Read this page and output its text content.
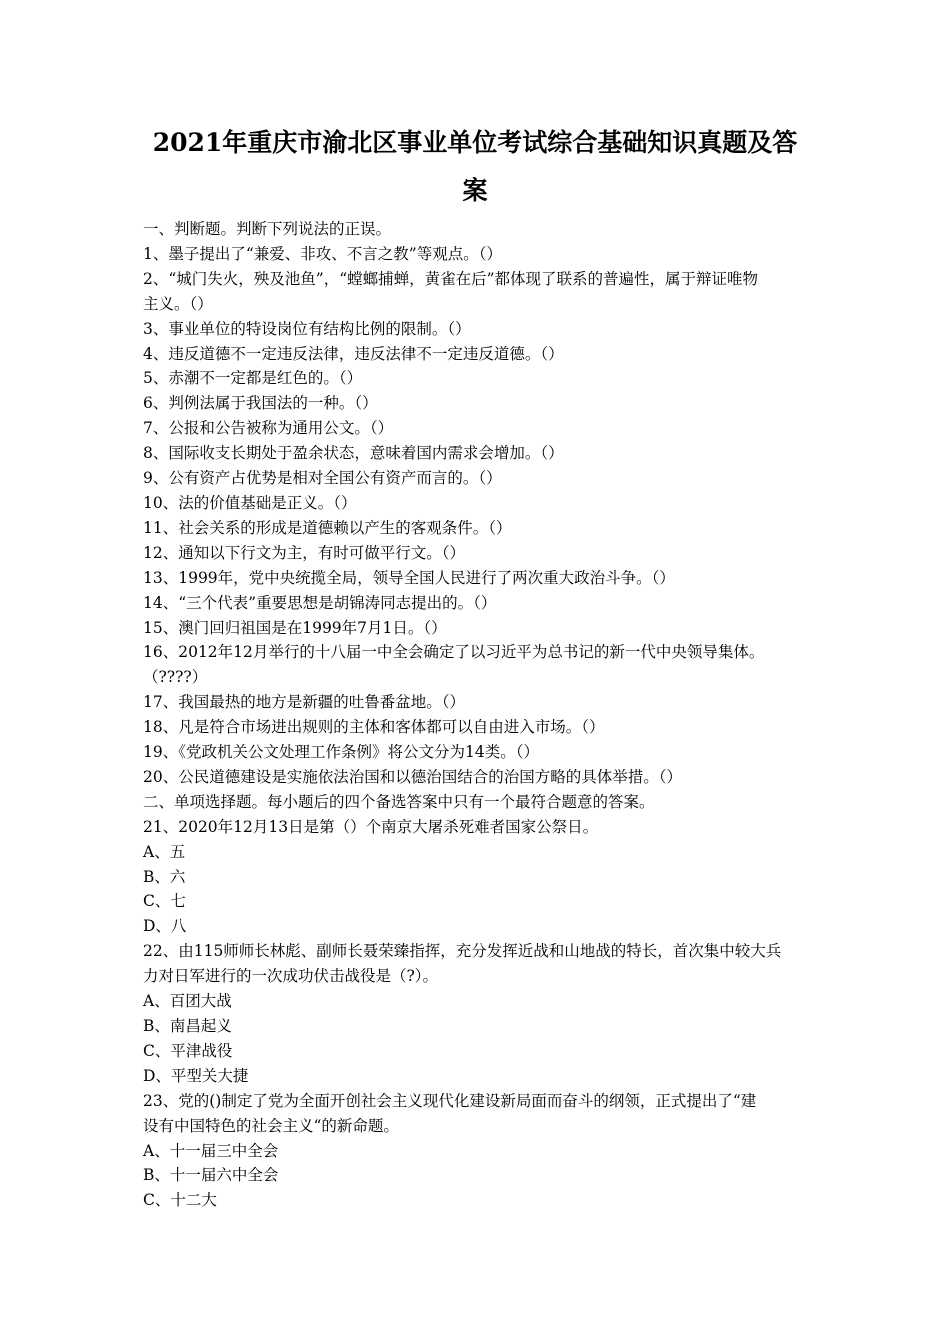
2021年重庆市渝北区事业单位考试综合基础知识真题及答
案

一、判断题。判断下列说法的正误。

1、墨子提出了“兼爱、非攻、不言之教”等观点。（）

2、“城门失火，殃及池鱼”，“螳螂捕蝉，黄雀在后”都体现了联系的普遍性，属于辩证唯物

主义。（）

3、事业单位的特设岗位有结构比例的限制。（）

4、违反道德不一定违反法律，违反法律不一定违反道德。（）

5、赤潮不一定都是红色的。（）

6、判例法属于我国法的一种。（）

7、公报和公告被称为通用公文。（）

8、国际收支长期处于盈余状态，意味着国内需求会增加。（）

9、公有资产占优势是相对全国公有资产而言的。（）

10、法的价值基础是正义。（）

11、社会关系的形成是道德赖以产生的客观条件。（）

12、通知以下行文为主，有时可做平行文。（）

13、1999年，党中央统揽全局，领导全国人民进行了两次重大政治斗争。（）

14、“三个代表”重要思想是胡锦涛同志提出的。（）

15、澳门回归祖国是在1999年7月1日。（）

16、2012年12月举行的十八届一中全会确定了以习近平为总书记的新一代中央领导集体。

（????）

17、我国最热的地方是新疆的吐鲁番盆地。（）

18、凡是符合市场进出规则的主体和客体都可以自由进入市场。（）

19、《党政机关公文处理工作条例》将公文分为14类。（）

20、公民道德建设是实施依法治国和以德治国结合的治国方略的具体举措。（）

二、单项选择题。每小题后的四个备选答案中只有一个最符合题意的答案。

21、2020年12月13日是第（）个南京大屠杀死难者国家公祭日。

A、五

B、六

C、七

D、八

22、由115师师长林彪、副师长聂荣臻指挥，充分发挥近战和山地战的特长，首次集中较大兵

力对日军进行的一次成功伏击战役是（?）。

A、百团大战

B、南昌起义

C、平津战役

D、平型关大捷

23、党的()制定了党为全面开创社会主义现代化建设新局面而奋斗的纲领，正式提出了“建

设有中国特色的社会主义“的新命题。

A、十一届三中全会

B、十一届六中全会

C、十二大
